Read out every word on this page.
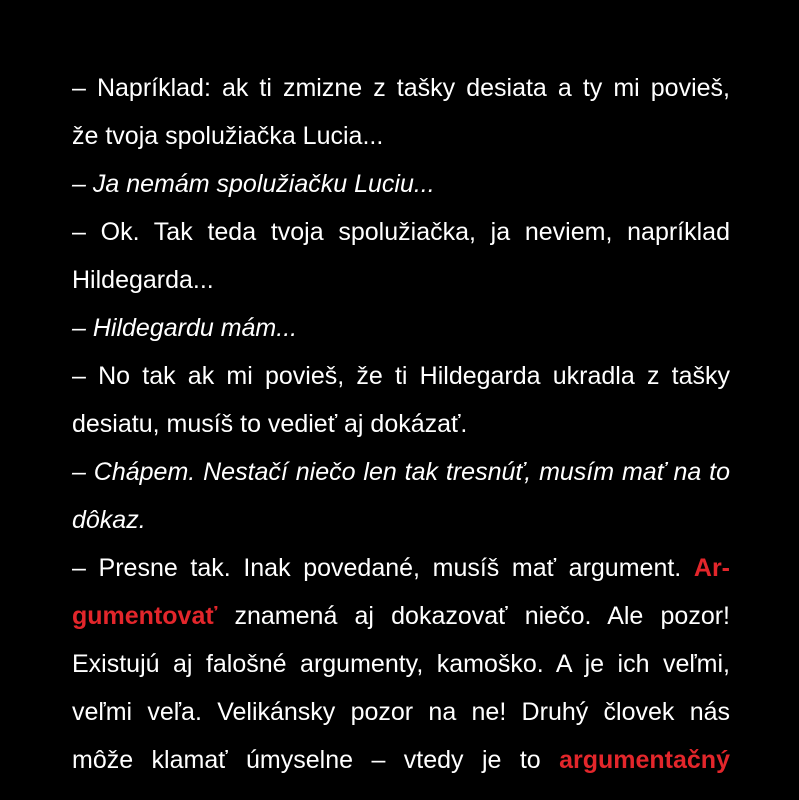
– Napríklad: ak ti zmizne z tašky desiata a ty mi povieš,
že tvoja spolužiačka Lucia...
– Ja nemám spolužiačku Luciu...
– Ok. Tak teda tvoja spolužiačka, ja neviem, napríklad
Hildegarda...
– Hildegardu mám...
– No tak ak mi povieš, že ti Hildegarda ukradla z tašky
desiatu, musíš to vedieť aj dokázať.
– Chápem. Nestačí niečo len tak tresnúť, musím mať na to
dôkaz.
– Presne tak. Inak povedané, musíš mať argument. Ar-
gumentovať znamená aj dokazovať niečo. Ale pozor!
Existujú aj falošné argumenty, kamoško. A je ich veľmi,
veľmi veľa. Velikánsky pozor na ne! Druhý človek nás
môže klamať úmyselne – vtedy je to argumentačný
